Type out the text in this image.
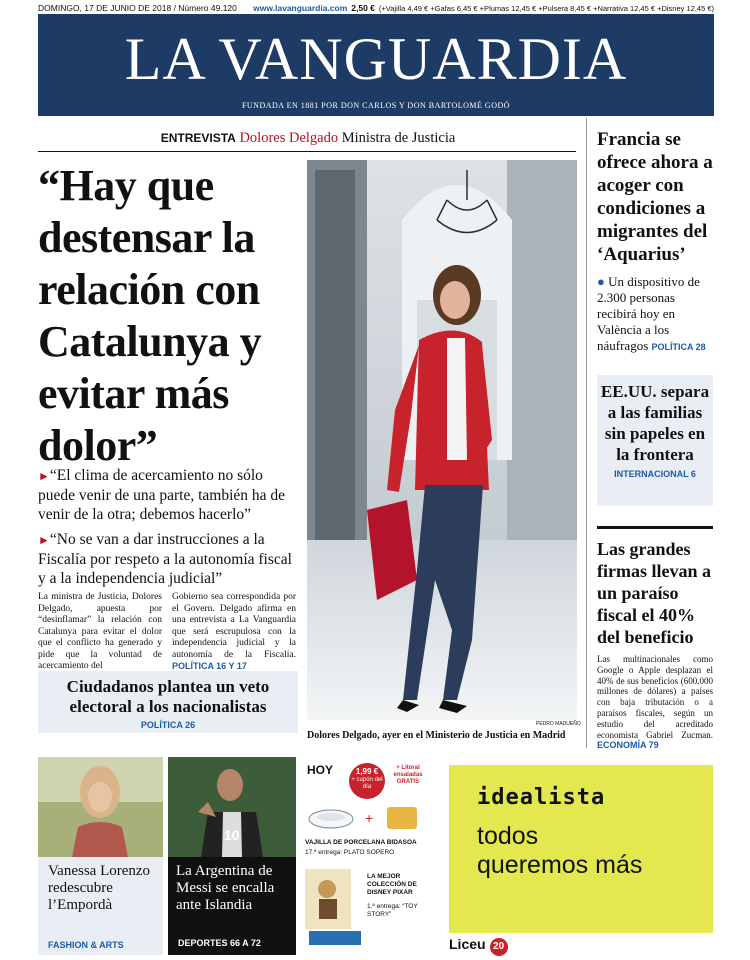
DOMINGO, 17 DE JUNIO DE 2018 / Número 49.120 www.lavanguardia.com 2,50 € (+Vajilla 4,49 € +Gafas 6,45 € +Plumas 12,45 € +Pulsera 8,45 € +Narrativa 12,45 € +Disney 12,45 €)
LA VANGUARDIA
FUNDADA EN 1881 POR DON CARLOS Y DON BARTOLOMÉ GODÓ
ENTREVISTA Dolores Delgado Ministra de Justicia
“Hay que destensar la relación con Catalunya y evitar más dolor”
►“El clima de acercamiento no sólo puede venir de una parte, también ha de venir de la otra; debemos hacerlo”
►“No se van a dar instrucciones a la Fiscalía por respeto a la autonomía fiscal y a la independencia judicial”
La ministra de Justicia, Dolores Delgado, apuesta por “desinflamar” la relación con Catalunya para evitar el dolor que el conflicto ha generado y pide que la voluntad de acercamiento del
Gobierno sea correspondida por el Govern. Delgado afirma en una entrevista a La Vanguardia que será escrupulosa con la independencia judicial y la autonomía de la Fiscalía. POLÍTICA 16 Y 17
Ciudadanos plantea un veto electoral a los nacionalistas
POLÍTICA 26	PEDRO MADUEÑO
Dolores Delgado, ayer en el Ministerio de Justicia en Madrid
Francia se ofrece ahora a acoger con condiciones a migrantes del ‘Aquarius’
● Un dispositivo de 2.300 personas recibirá hoy en València a los náufragos POLÍTICA 28
EE.UU. separa a las familias sin papeles en la frontera
INTERNACIONAL 6
Las grandes firmas llevan a un paraíso fiscal el 40% del beneficio
Las multinacionales como Google o Apple desplazan el 40% de sus beneficios (600.000 millones de dólares) a países con baja tributación o a paraísos fiscales, según un estudio del acreditado economista Gabriel Zucman. ECONOMÍA 79
Vanessa Lorenzo redescubre l’Empordà
FASHION & ARTS
10
La Argentina de Messi se encalla ante Islandia
DEPORTES 66 A 72
HOY	1,99 €
+ cupón del día
+ Litoral ensaladas GRATIS
+
VAJILLA DE PORCELANA BIDASOA
17.ª entrega: PLATO SOPERO
LA MEJOR COLECCIÓN DE DISNEY PIXAR
1.ª entrega: “TOY STORY”
idealista
todos
queremos más
Liceu 20
